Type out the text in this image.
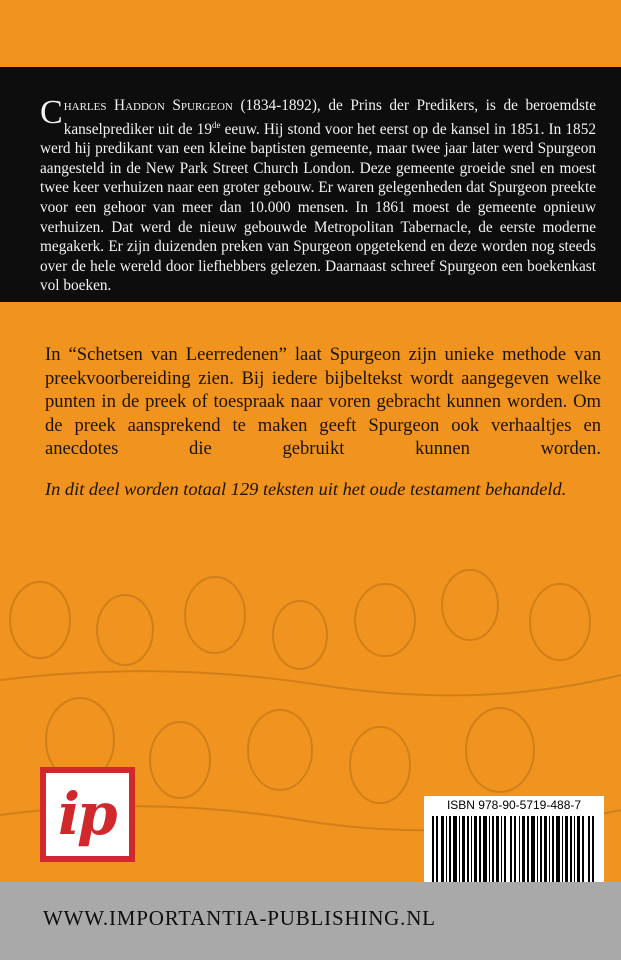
Charles Haddon Spurgeon (1834-1892), de Prins der Predikers, is de beroemdste kanselprediker uit de 19de eeuw. Hij stond voor het eerst op de kansel in 1851. In 1852 werd hij predikant van een kleine baptisten gemeente, maar twee jaar later werd Spurgeon aangesteld in de New Park Street Church London. Deze gemeente groeide snel en moest twee keer verhuizen naar een groter gebouw. Er waren gelegenheden dat Spurgeon preekte voor een gehoor van meer dan 10.000 mensen. In 1861 moest de gemeente opnieuw verhuizen. Dat werd de nieuw gebouwde Metropolitan Tabernacle, de eerste moderne megakerk. Er zijn duizenden preken van Spurgeon opgetekend en deze worden nog steeds over de hele wereld door liefhebbers gelezen. Daarnaast schreef Spurgeon een boekenkast vol boeken.

In “Schetsen van Leerredenen” laat Spurgeon zijn unieke methode van preekvoorbereiding zien. Bij iedere bijbeltekst wordt aangegeven welke punten in de preek of toespraak naar voren gebracht kunnen worden. Om de preek aansprekend te maken geeft Spurgeon ook verhaaltjes en anecdotes die gebruikt kunnen worden.

In dit deel worden totaal 129 teksten uit het oude testament behandeld.

ip	ISBN 978-90-5719-488-7
WWW.IMPORTANTIA-PUBLISHING.NL
